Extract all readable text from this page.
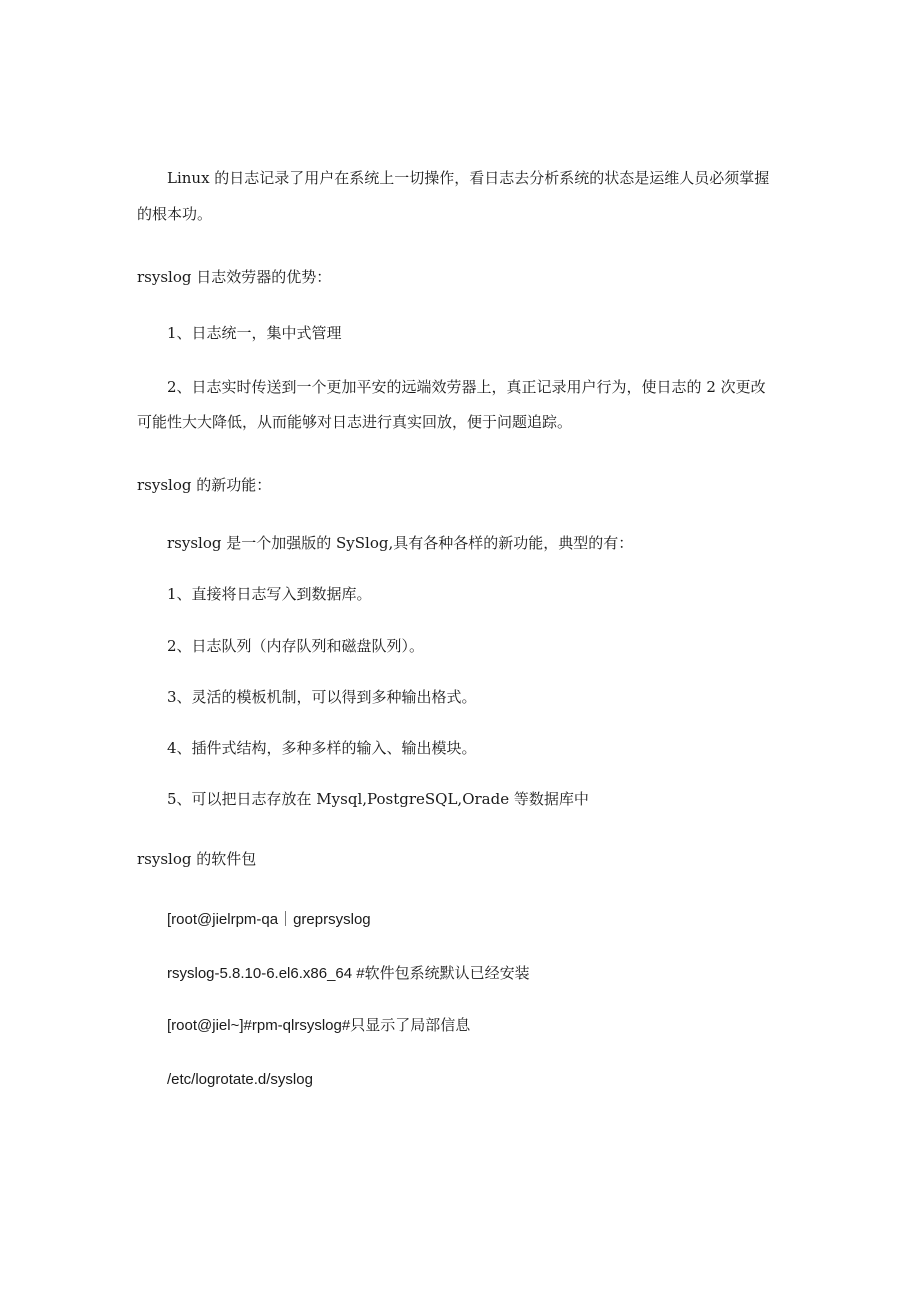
Linux 的日志记录了用户在系统上一切操作，看日志去分析系统的状态是运维人员必须掌握
的根本功。
rsyslog 日志效劳器的优势：
1、日志统一，集中式管理
2、日志实时传送到一个更加平安的远端效劳器上，真正记录用户行为，使日志的 2 次更改
可能性大大降低，从而能够对日志进行真实回放，便于问题追踪。
rsyslog 的新功能：
rsyslog 是一个加强版的 SySlog,具有各种各样的新功能，典型的有：
1、直接将日志写入到数据库。
2、日志队列（内存队列和磁盘队列）。
3、灵活的模板机制，可以得到多种输出格式。
4、插件式结构，多种多样的输入、输出模块。
5、可以把日志存放在 Mysql,PostgreSQL,Orade 等数据库中
rsyslog 的软件包
[root@jielrpm-qa｜greprsyslog
rsyslog-5.8.10-6.el6.x86_64 #软件包系统默认已经安装
[root@jiel~]#rpm-qlrsyslog#只显示了局部信息
/etc/logrotate.d/syslog
